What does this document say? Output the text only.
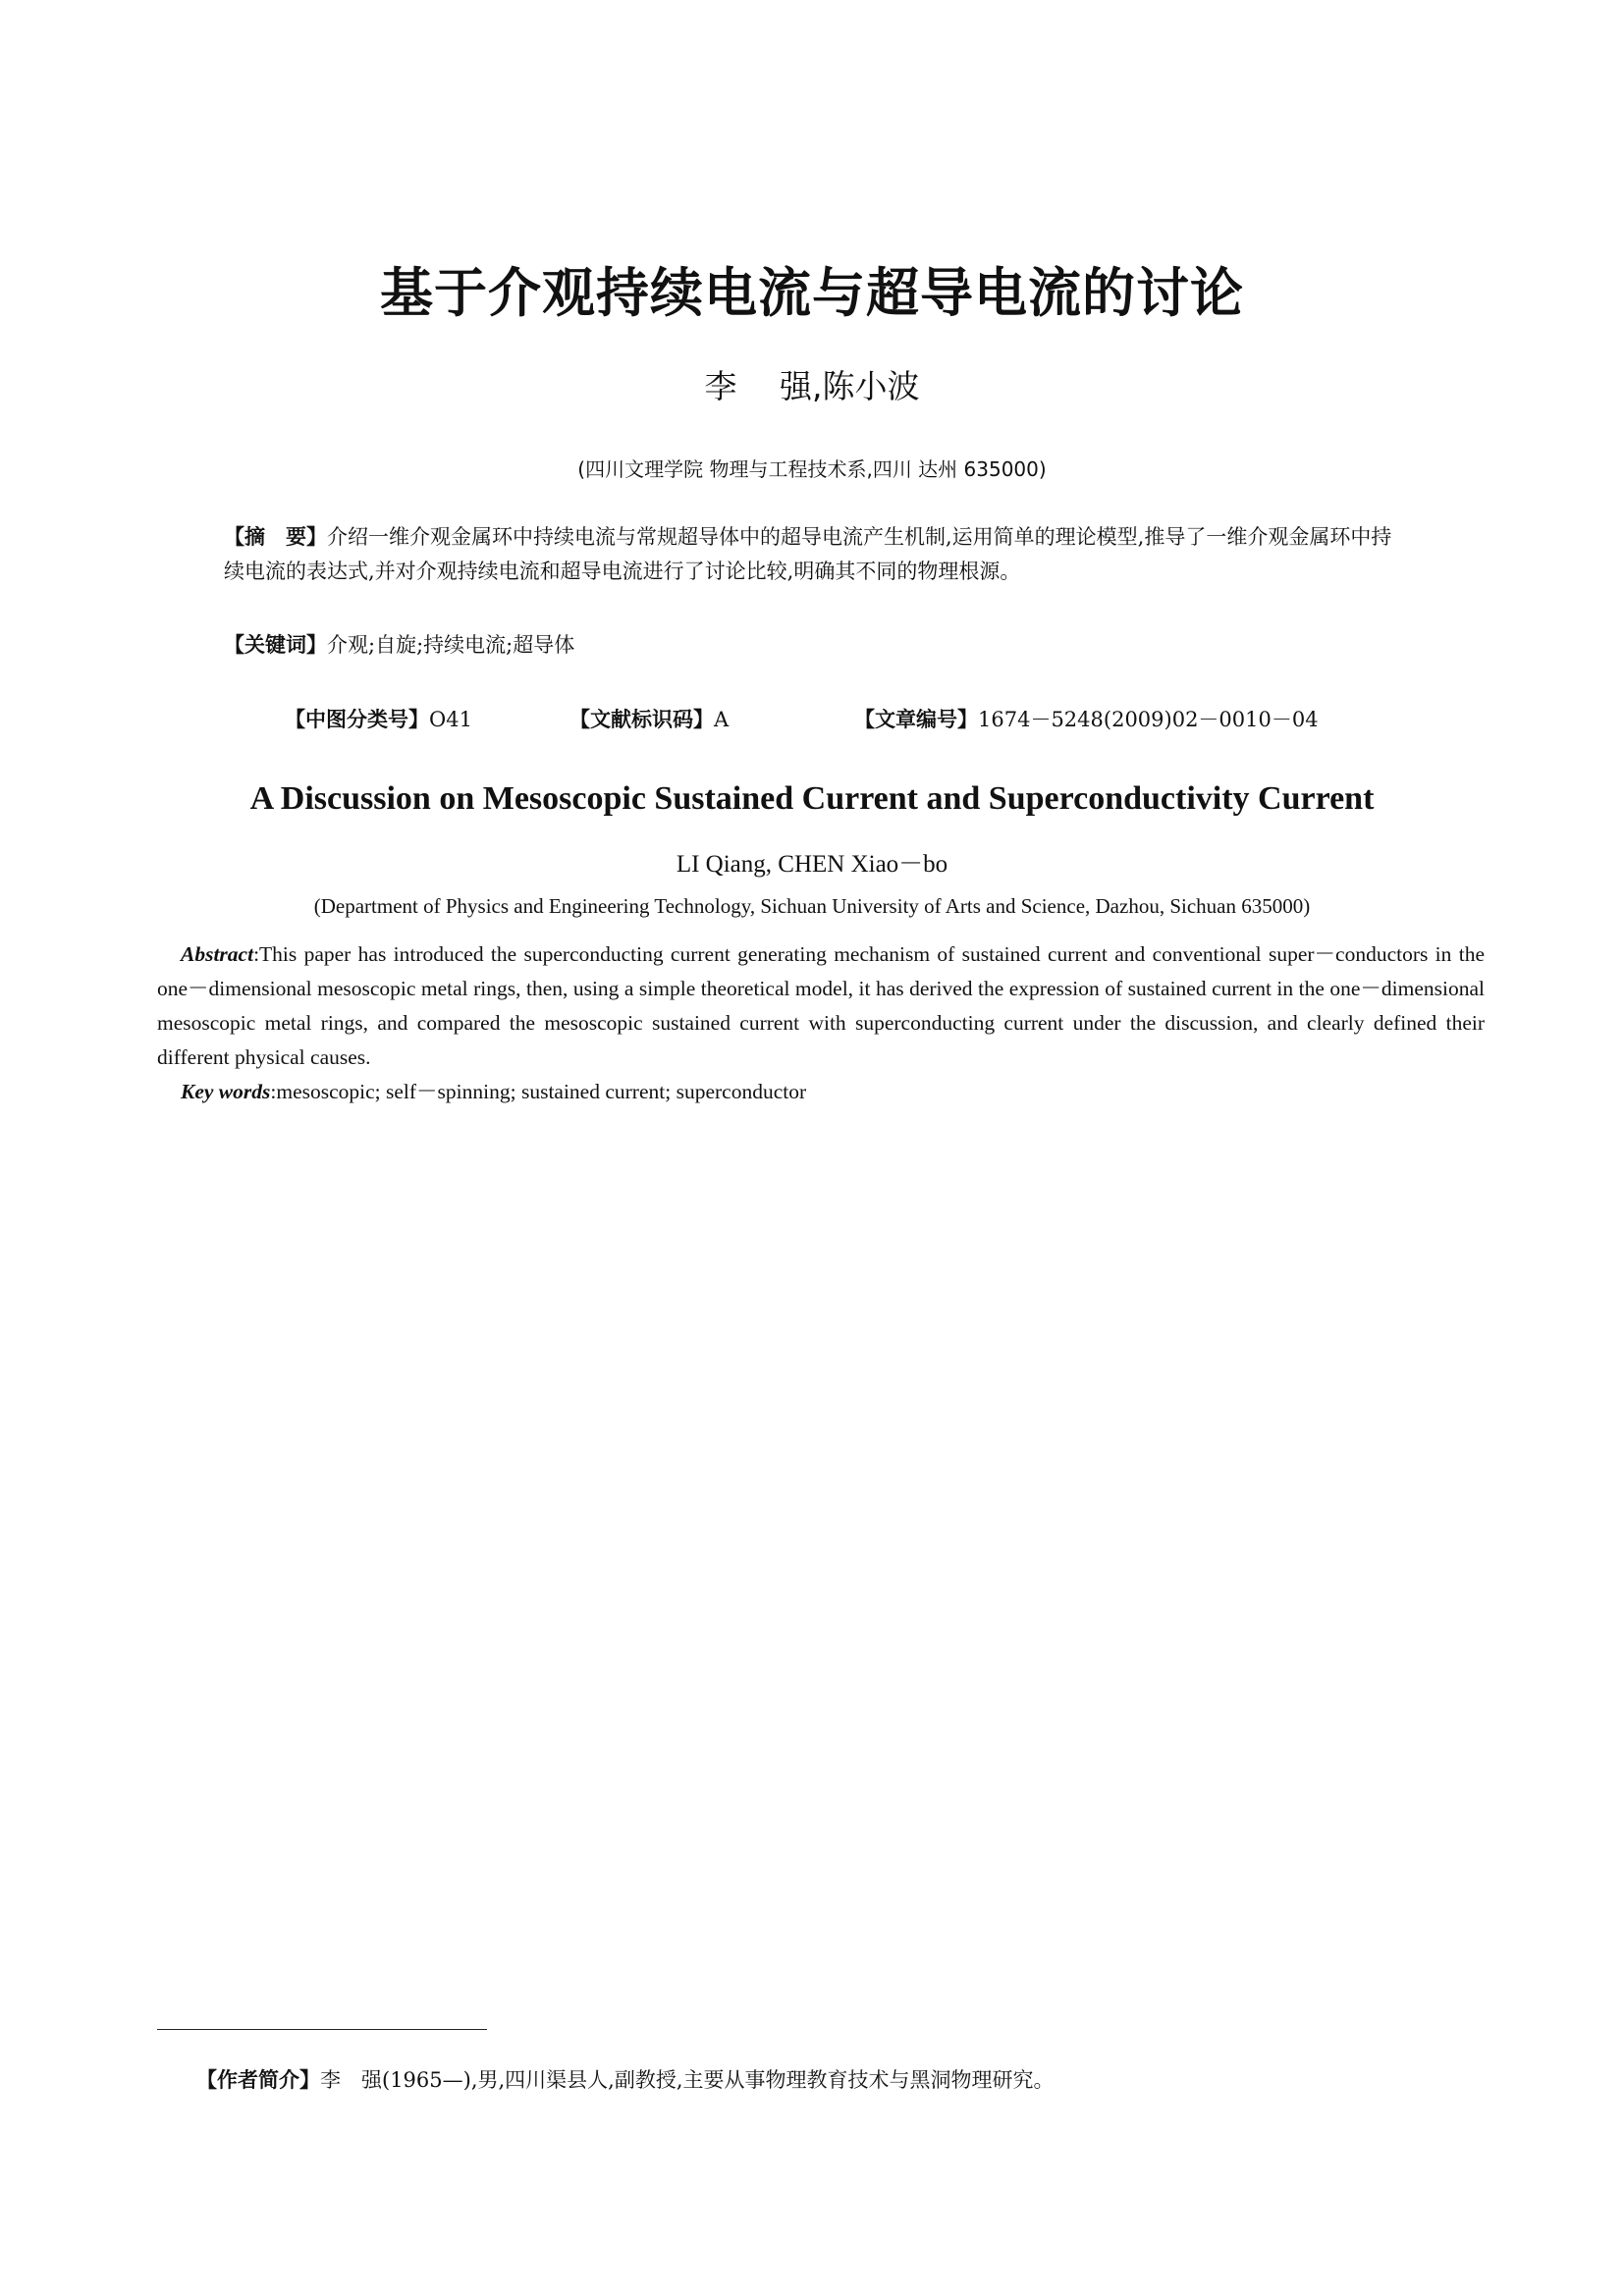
基于介观持续电流与超导电流的讨论
李　 强,陈小波
(四川文理学院 物理与工程技术系,四川 达州 635000)
【摘　要】介绍一维介观金属环中持续电流与常规超导体中的超导电流产生机制,运用简单的理论模型,推导了一维介观金属环中持续电流的表达式,并对介观持续电流和超导电流进行了讨论比较,明确其不同的物理根源。
【关键词】介观;自旋;持续电流;超导体
【中图分类号】O41	【文献标识码】A	【文章编号】1674－5248(2009)02－0010－04
A Discussion on Mesoscopic Sustained Current and Superconductivity Current
LI Qiang, CHEN Xiao－bo
(Department of Physics and Engineering Technology, Sichuan University of Arts and Science, Dazhou, Sichuan 635000)
Abstract:This paper has introduced the superconducting current generating mechanism of sustained current and conventional super－conductors in the one－dimensional mesoscopic metal rings, then, using a simple theoretical model, it has derived the expression of sustained current in the one－dimensional mesoscopic metal rings, and compared the mesoscopic sustained current with superconducting current under the discussion, and clearly defined their different physical causes.
Key words:mesoscopic; self－spinning; sustained current; superconductor
【作者简介】李　强(1965—),男,四川渠县人,副教授,主要从事物理教育技术与黑洞物理研究。
